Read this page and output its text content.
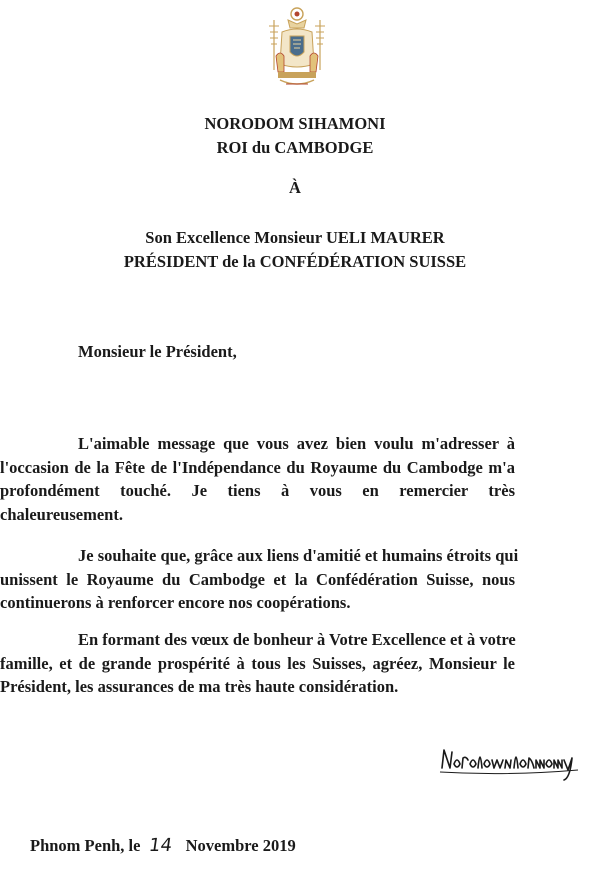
NORODOM SIHAMONI
ROI du CAMBODGE
À
Son Excellence Monsieur UELI MAURER
PRÉSIDENT de la CONFÉDÉRATION SUISSE
Monsieur le Président,
L'aimable message que vous avez bien voulu m'adresser à
l'occasion de la Fête de l'Indépendance du Royaume du Cambodge m'a
profondément touché. Je tiens à vous en remercier très
chaleureusement.
Je souhaite que, grâce aux liens d'amitié et humains étroits qui
unissent le Royaume du Cambodge et la Confédération Suisse, nous
continuerons à renforcer encore nos coopérations.
En formant des vœux de bonheur à Votre Excellence et à votre
famille, et de grande prospérité à tous les Suisses, agréez, Monsieur le
Président, les assurances de ma très haute considération.
Phnom Penh, le 14 Novembre 2019
